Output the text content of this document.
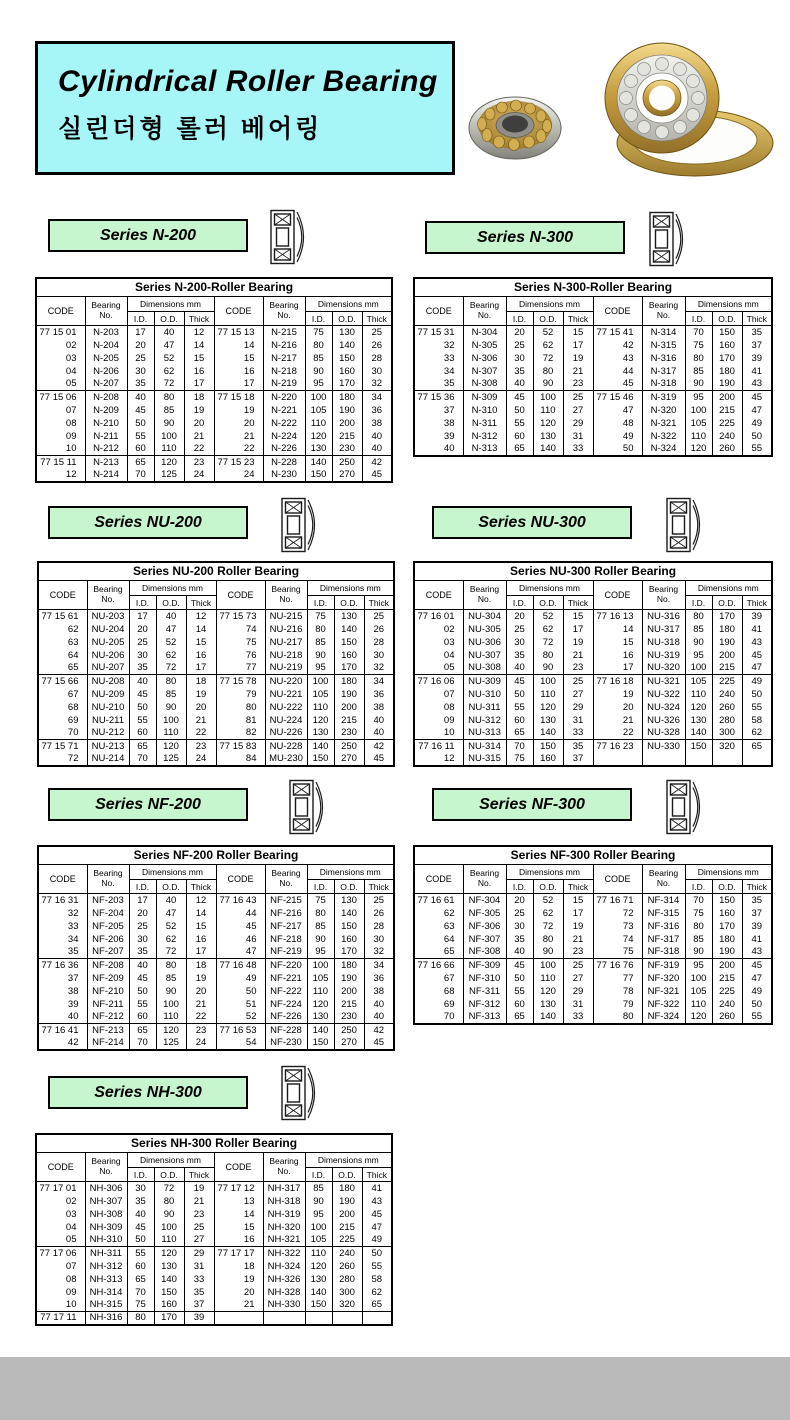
Cylindrical Roller Bearing
실린더형 롤러 베어링
Series N-200	Series N-300
Series NU-200	Series NU-300
Series NF-200	Series NF-300
Series NH-300
Series N-200-Roller Bearing									
CODE	Bearing No.	Dimensions mm			CODE	Bearing No.	Dimensions mm		
		I.D.	O.D.	Thick			I.D.	O.D.	Thick
77 15 01	N-203	17	40	12	77 15 13	N-215	75	130	25
02	N-204	20	47	14	14	N-216	80	140	26
03	N-205	25	52	15	15	N-217	85	150	28
04	N-206	30	62	16	16	N-218	90	160	30
05	N-207	35	72	17	17	N-219	95	170	32
77 15 06	N-208	40	80	18	77 15 18	N-220	100	180	34
07	N-209	45	85	19	19	N-221	105	190	36
08	N-210	50	90	20	20	N-222	110	200	38
09	N-211	55	100	21	21	N-224	120	215	40
10	N-212	60	110	22	22	N-226	130	230	40
77 15 11	N-213	65	120	23	77 15 23	N-228	140	250	42
12	N-214	70	125	24	24	N-230	150	270	45
Series N-300-Roller Bearing									
CODE	Bearing No.	Dimensions mm			CODE	Bearing No.	Dimensions mm		
		I.D.	O.D.	Thick			I.D.	O.D.	Thick
77 15 31	N-304	20	52	15	77 15 41	N-314	70	150	35
32	N-305	25	62	17	42	N-315	75	160	37
33	N-306	30	72	19	43	N-316	80	170	39
34	N-307	35	80	21	44	N-317	85	180	41
35	N-308	40	90	23	45	N-318	90	190	43
77 15 36	N-309	45	100	25	77 15 46	N-319	95	200	45
37	N-310	50	110	27	47	N-320	100	215	47
38	N-311	55	120	29	48	N-321	105	225	49
39	N-312	60	130	31	49	N-322	110	240	50
40	N-313	65	140	33	50	N-324	120	260	55
Series NU-200 Roller Bearing									
CODE	Bearing No.	Dimensions mm			CODE	Bearing No.	Dimensions mm		
		I.D.	O.D.	Thick			I.D.	O.D.	Thick
77 15 61	NU-203	17	40	12	77 15 73	NU-215	75	130	25
62	NU-204	20	47	14	74	NU-216	80	140	26
63	NU-205	25	52	15	75	NU-217	85	150	28
64	NU-206	30	62	16	76	NU-218	90	160	30
65	NU-207	35	72	17	77	NU-219	95	170	32
77 15 66	NU-208	40	80	18	77 15 78	NU-220	100	180	34
67	NU-209	45	85	19	79	NU-221	105	190	36
68	NU-210	50	90	20	80	NU-222	110	200	38
69	NU-211	55	100	21	81	NU-224	120	215	40
70	NU-212	60	110	22	82	NU-226	130	230	40
77 15 71	NU-213	65	120	23	77 15 83	NU-228	140	250	42
72	NU-214	70	125	24	84	MU-230	150	270	45
Series NU-300 Roller Bearing									
CODE	Bearing No.	Dimensions mm			CODE	Bearing No.	Dimensions mm		
		I.D.	O.D.	Thick			I.D.	O.D.	Thick
77 16 01	NU-304	20	52	15	77 16 13	NU-316	80	170	39
02	NU-305	25	62	17	14	NU-317	85	180	41
03	NU-306	30	72	19	15	NU-318	90	190	43
04	NU-307	35	80	21	16	NU-319	95	200	45
05	NU-308	40	90	23	17	NU-320	100	215	47
77 16 06	NU-309	45	100	25	77 16 18	NU-321	105	225	49
07	NU-310	50	110	27	19	NU-322	110	240	50
08	NU-311	55	120	29	20	NU-324	120	260	55
09	NU-312	60	130	31	21	NU-326	130	280	58
10	NU-313	65	140	33	22	NU-328	140	300	62
77 16 11	NU-314	70	150	35	77 16 23	NU-330	150	320	65
12	NU-315	75	160	37					
Series NF-200 Roller Bearing									
CODE	Bearing No.	Dimensions mm			CODE	Bearing No.	Dimensions mm		
		I.D.	O.D.	Thick			I.D.	O.D.	Thick
77 16 31	NF-203	17	40	12	77 16 43	NF-215	75	130	25
32	NF-204	20	47	14	44	NF-216	80	140	26
33	NF-205	25	52	15	45	NF-217	85	150	28
34	NF-206	30	62	16	46	NF-218	90	160	30
35	NF-207	35	72	17	47	NF-219	95	170	32
77 16 36	NF-208	40	80	18	77 16 48	NF-220	100	180	34
37	NF-209	45	85	19	49	NF-221	105	190	36
38	NF-210	50	90	20	50	NF-222	110	200	38
39	NF-211	55	100	21	51	NF-224	120	215	40
40	NF-212	60	110	22	52	NF-226	130	230	40
77 16 41	NF-213	65	120	23	77 16 53	NF-228	140	250	42
42	NF-214	70	125	24	54	NF-230	150	270	45
Series NF-300 Roller Bearing									
CODE	Bearing No.	Dimensions mm			CODE	Bearing No.	Dimensions mm		
		I.D.	O.D.	Thick			I.D.	O.D.	Thick
77 16 61	NF-304	20	52	15	77 16 71	NF-314	70	150	35
62	NF-305	25	62	17	72	NF-315	75	160	37
63	NF-306	30	72	19	73	NF-316	80	170	39
64	NF-307	35	80	21	74	NF-317	85	180	41
65	NF-308	40	90	23	75	NF-318	90	190	43
77 16 66	NF-309	45	100	25	77 16 76	NF-319	95	200	45
67	NF-310	50	110	27	77	NF-320	100	215	47
68	NF-311	55	120	29	78	NF-321	105	225	49
69	NF-312	60	130	31	79	NF-322	110	240	50
70	NF-313	65	140	33	80	NF-324	120	260	55
Series NH-300 Roller Bearing									
CODE	Bearing No.	Dimensions mm			CODE	Bearing No.	Dimensions mm		
		I.D.	O.D.	Thick			I.D.	O.D.	Thick
77 17 01	NH-306	30	72	19	77 17 12	NH-317	85	180	41
02	NH-307	35	80	21	13	NH-318	90	190	43
03	NH-308	40	90	23	14	NH-319	95	200	45
04	NH-309	45	100	25	15	NH-320	100	215	47
05	NH-310	50	110	27	16	NH-321	105	225	49
77 17 06	NH-311	55	120	29	77 17 17	NH-322	110	240	50
07	NH-312	60	130	31	18	NH-324	120	260	55
08	NH-313	65	140	33	19	NH-326	130	280	58
09	NH-314	70	150	35	20	NH-328	140	300	62
10	NH-315	75	160	37	21	NH-330	150	320	65
77 17 11	NH-316	80	170	39					
